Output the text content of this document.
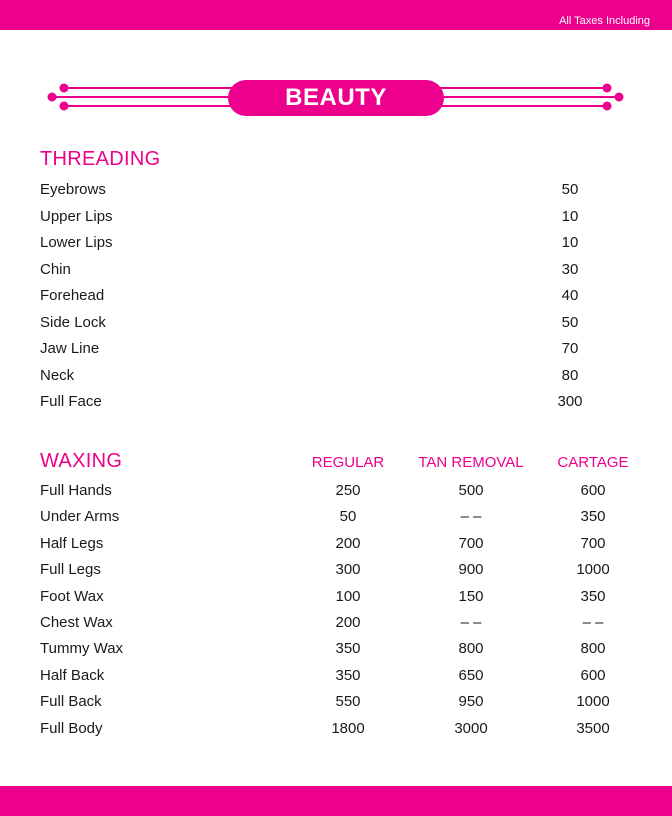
All Taxes Including
BEAUTY
THREADING
Eyebrows	50
Upper Lips	10
Lower Lips	10
Chin	30
Forehead	40
Side Lock	50
Jaw Line	70
Neck	80
Full Face	300
WAXING	REGULAR	TAN REMOVAL	CARTAGE
Full Hands	250	500	600
Under Arms	50	– –	350
Half Legs	200	700	700
Full Legs	300	900	1000
Foot Wax	100	150	350
Chest Wax	200	– –	– –
Tummy Wax	350	800	800
Half Back	350	650	600
Full Back	550	950	1000
Full Body	1800	3000	3500
